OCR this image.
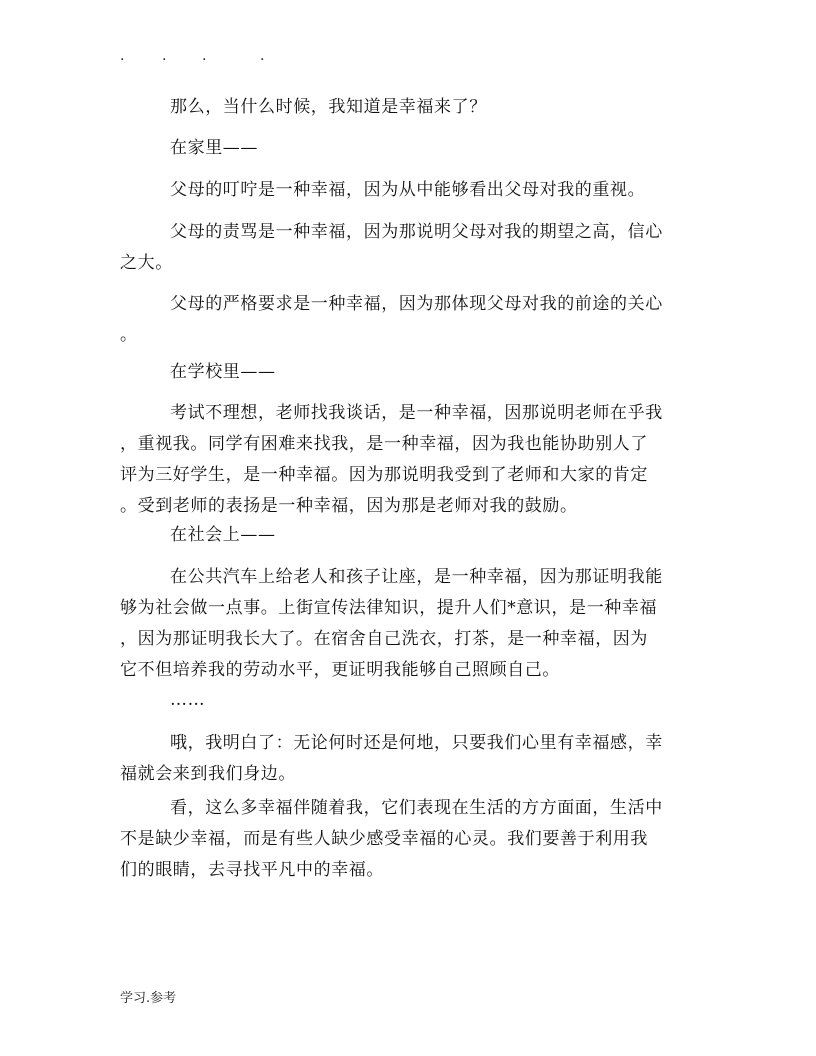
.	.	.	.

那么，当什么时候，我知道是幸福来了？

在家里——

父母的叮咛是一种幸福，因为从中能够看出父母对我的重视。

父母的责骂是一种幸福，因为那说明父母对我的期望之高，信心
之大。

父母的严格要求是一种幸福，因为那体现父母对我的前途的关心
。

在学校里——

考试不理想，老师找我谈话，是一种幸福，因那说明老师在乎我
，重视我。同学有困难来找我，是一种幸福，因为我也能协助别人了
评为三好学生，是一种幸福。因为那说明我受到了老师和大家的肯定
。受到老师的表扬是一种幸福，因为那是老师对我的鼓励。

在社会上——

在公共汽车上给老人和孩子让座，是一种幸福，因为那证明我能
够为社会做一点事。上街宣传法律知识，提升人们*意识，是一种幸福
，因为那证明我长大了。在宿舍自己洗衣，打茶，是一种幸福，因为
它不但培养我的劳动水平，更证明我能够自己照顾自己。

……

哦，我明白了：无论何时还是何地，只要我们心里有幸福感，幸
福就会来到我们身边。

看，这么多幸福伴随着我，它们表现在生活的方方面面，生活中
不是缺少幸福，而是有些人缺少感受幸福的心灵。我们要善于利用我
们的眼睛，去寻找平凡中的幸福。

学习.参考
